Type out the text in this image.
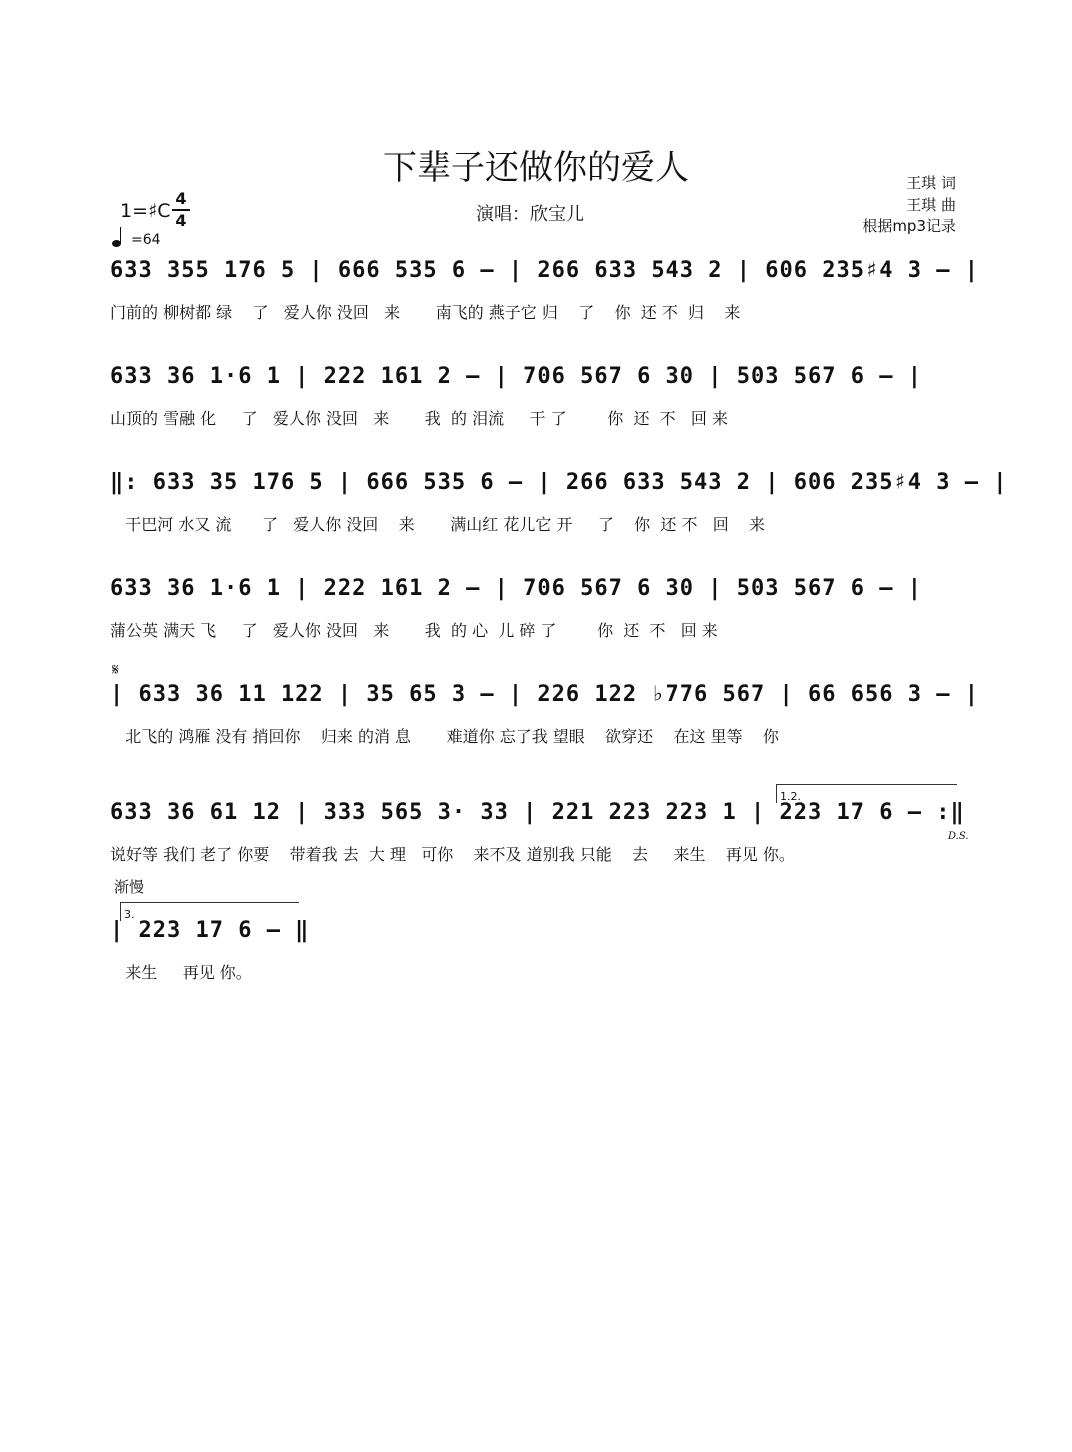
下辈子还做你的爱人
演唱：欣宝儿
王琪 词
王琪 曲
根据mp3记录
1=♯C
4
4
=64
633 355 176 5 | 666 535 6 – | 266 633 543 2 | 606 235♯4 3 – |
门前的 柳树都 绿    了   爱人你 没回   来       南飞的 燕子它 归    了    你  还 不  归    来
633 36 1·6 1 | 222 161 2 – | 706 567 6 30 | 503 567 6 – |
山顶的 雪融 化     了   爱人你 没回   来       我  的 泪流     干 了        你  还  不   回 来
‖: 633 35 176 5 | 666 535 6 – | 266 633 543 2 | 606 235♯4 3 – |
干巴河 水又 流      了   爱人你 没回    来       满山红 花儿它 开     了    你  还 不   回    来
633 36 1·6 1 | 222 161 2 – | 706 567 6 30 | 503 567 6 – |
蒲公英 满天 飞     了   爱人你 没回   来       我  的 心  儿 碎 了        你  还  不   回 来
𝄋
| 633 36 11 122 | 35 65 3 – | 226 122 ♭776 567 | 66 656 3 – |
北飞的 鸿雁 没有 捎回你    归来 的消 息       难道你 忘了我 望眼    欲穿还    在这 里等    你
1.2.
633 36 61 12 | 333 565 3· 33 | 221 223 223 1 | 223 17 6 – :‖
D.S.
说好等 我们 老了 你要    带着我 去  大 理   可你    来不及 道别我 只能    去     来生    再见 你。
渐慢
3.
| 223 17 6 – ‖
来生     再见 你。
